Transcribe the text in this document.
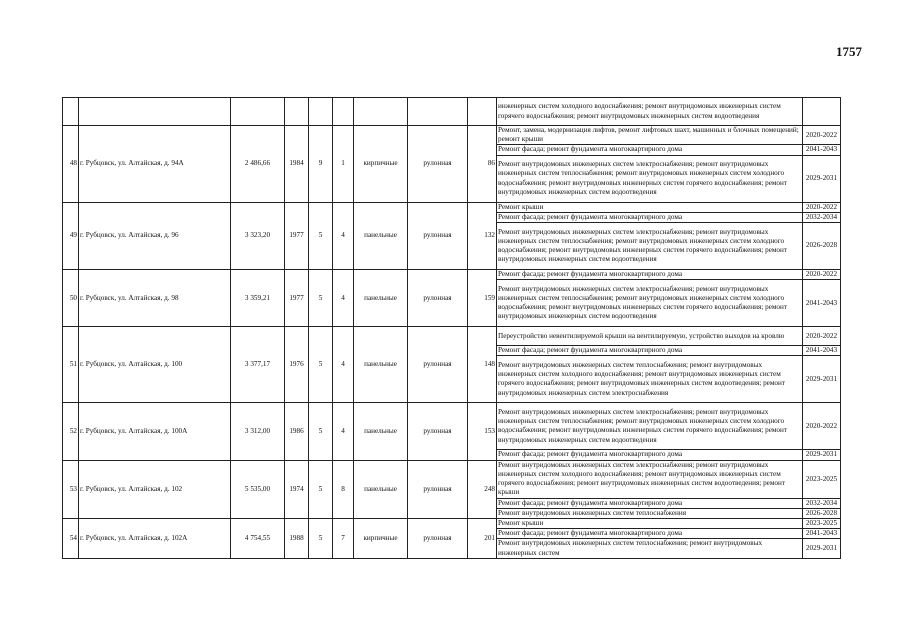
1757
									инженерных систем холодного водоснабжения; ремонт внутридомовых инженерных систем горячего водоснабжения; ремонт внутридомовых инженерных систем водоотведения	
48	г. Рубцовск, ул. Алтайская, д. 94А	2 486,66	1984	9	1	кирпичные	рулонная	86	Ремонт, замена, модернизация лифтов, ремонт лифтовых шахт, машинных и блочных помещений; ремонт крыши	2020-2022
									Ремонт фасада; ремонт фундамента многоквартирного дома	2041-2043
									Ремонт внутридомовых инженерных систем электроснабжения; ремонт внутридомовых инженерных систем теплоснабжения; ремонт внутридомовых инженерных систем холодного водоснабжения; ремонт внутридомовых инженерных систем горячего водоснабжения; ремонт внутридомовых инженерных систем водоотведения	2029-2031
49	г. Рубцовск, ул. Алтайская, д. 96	3 323,20	1977	5	4	панельные	рулонная	132	Ремонт крыши	2020-2022
									Ремонт фасада; ремонт фундамента многоквартирного дома	2032-2034
									Ремонт внутридомовых инженерных систем электроснабжения; ремонт внутридомовых инженерных систем теплоснабжения; ремонт внутридомовых инженерных систем холодного водоснабжения; ремонт внутридомовых инженерных систем горячего водоснабжения; ремонт внутридомовых инженерных систем водоотведения	2026-2028
50	г. Рубцовск, ул. Алтайская, д. 98	3 359,21	1977	5	4	панельные	рулонная	159	Ремонт фасада; ремонт фундамента многоквартирного дома	2020-2022
									Ремонт внутридомовых инженерных систем электроснабжения; ремонт внутридомовых инженерных систем теплоснабжения; ремонт внутридомовых инженерных систем холодного водоснабжения; ремонт внутридомовых инженерных систем горячего водоснабжения; ремонт внутридомовых инженерных систем водоотведения	2041-2043
51	г. Рубцовск, ул. Алтайская, д. 100	3 377,17	1976	5	4	панельные	рулонная	148	Переустройство невентилируемой крыши на вентилируемую, устройство выходов на кровлю	2020-2022
									Ремонт фасада; ремонт фундамента многоквартирного дома	2041-2043
									Ремонт внутридомовых инженерных систем теплоснабжения; ремонт внутридомовых инженерных систем холодного водоснабжения; ремонт внутридомовых инженерных систем горячего водоснабжения; ремонт внутридомовых инженерных систем водоотведения; ремонт внутридомовых инженерных систем электроснабжения	2029-2031
52	г. Рубцовск, ул. Алтайская, д. 100А	3 312,00	1986	5	4	панельные	рулонная	153	Ремонт внутридомовых инженерных систем электроснабжения; ремонт внутридомовых инженерных систем теплоснабжения; ремонт внутридомовых инженерных систем холодного водоснабжения; ремонт внутридомовых инженерных систем горячего водоснабжения; ремонт внутридомовых инженерных систем водоотведения	2020-2022
									Ремонт фасада; ремонт фундамента многоквартирного дома	2029-2031
53	г. Рубцовск, ул. Алтайская, д. 102	5 535,00	1974	5	8	панельные	рулонная	248	Ремонт внутридомовых инженерных систем электроснабжения; ремонт внутридомовых инженерных систем холодного водоснабжения; ремонт внутридомовых инженерных систем горячего водоснабжения; ремонт внутридомовых инженерных систем водоотведения; ремонт крыши	2023-2025
									Ремонт фасада; ремонт фундамента многоквартирного дома	2032-2034
									Ремонт внутридомовых инженерных систем теплоснабжения	2026-2028
54	г. Рубцовск, ул. Алтайская, д. 102А	4 754,55	1988	5	7	кирпичные	рулонная	201	Ремонт крыши	2023-2025
									Ремонт фасада; ремонт фундамента многоквартирного дома	2041-2043
									Ремонт внутридомовых инженерных систем теплоснабжения; ремонт внутридомовых инженерных систем	2029-2031
